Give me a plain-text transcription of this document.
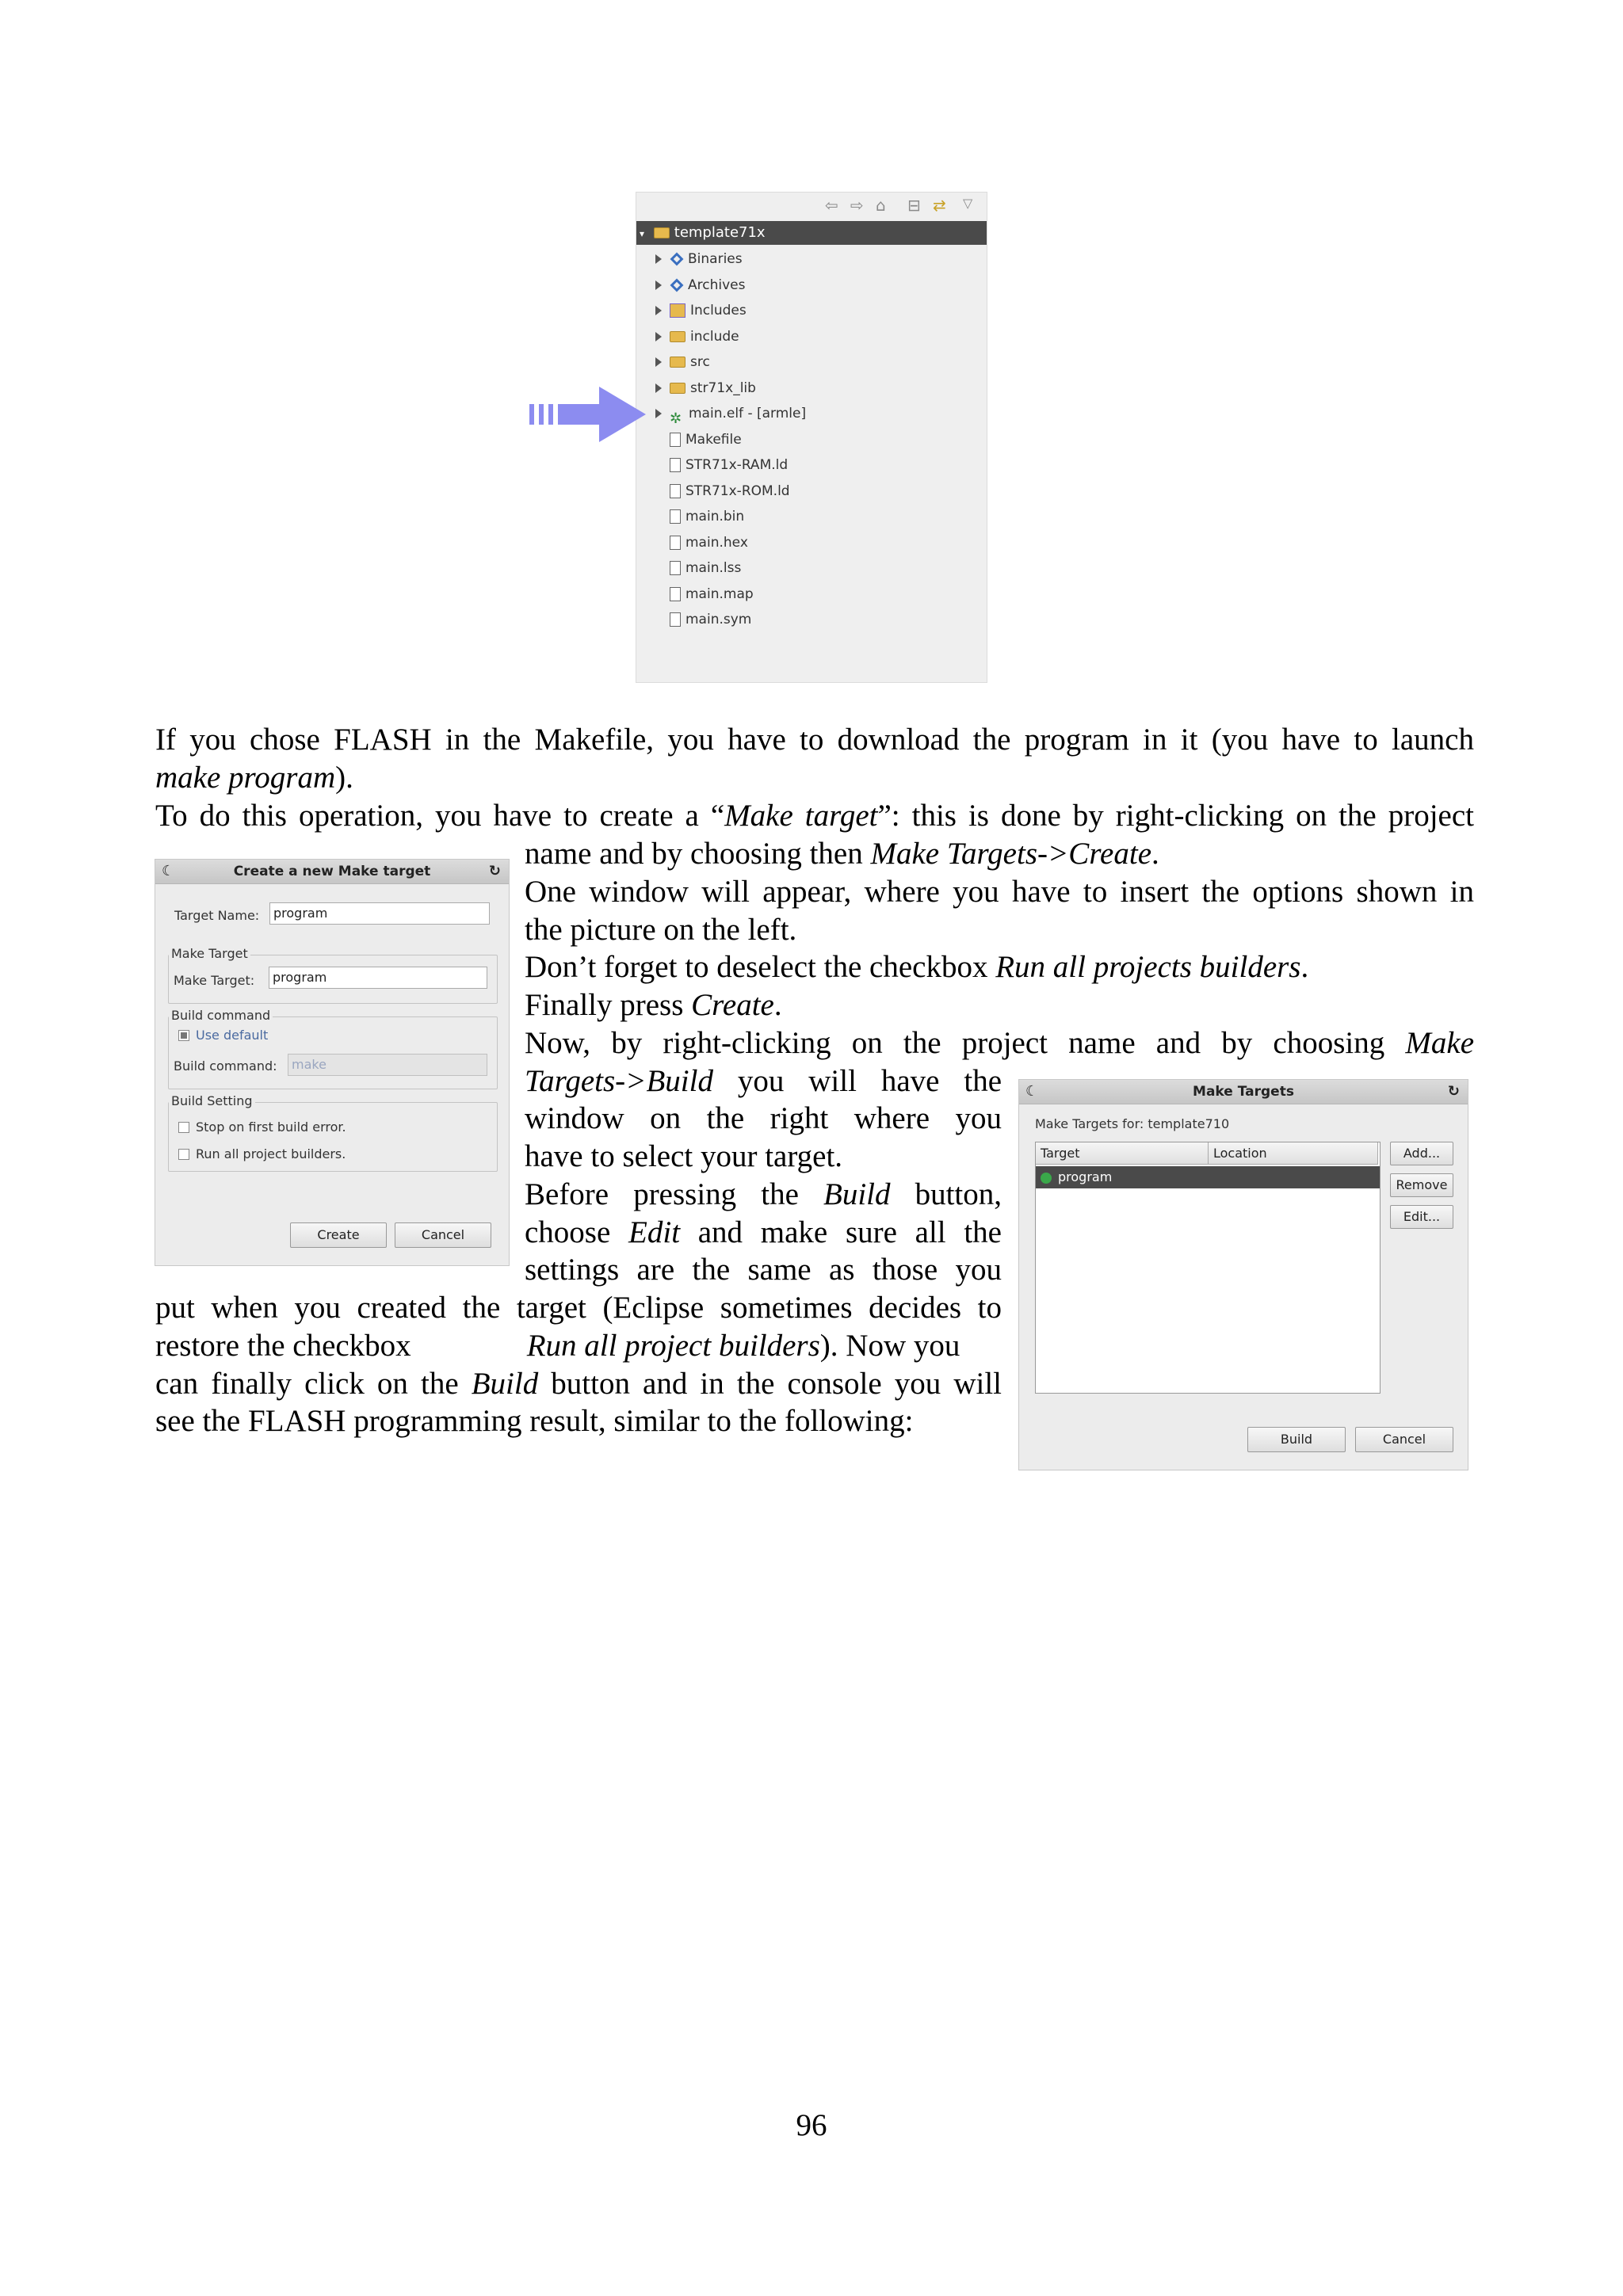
⇦ ⇨ ⌂ ⊟ ⇄ ▽
▾ template71x
Binaries
Archives
Includes
include
src
str71x_lib
✲ main.elf - [armle]
Makefile
STR71x-RAM.ld
STR71x-ROM.ld
main.bin
main.hex
main.lss
main.map
main.sym

If you chose FLASH in the Makefile, you have to download the program in it (you have to launch

make program).

To do this operation, you have to create a “Make target”: this is done by right-clicking on the project

name and by choosing then Make Targets->Create.

One window will appear, where you have to insert the options shown in

the picture on the left.

Don’t forget to deselect the checkbox Run all projects builders.

Finally press Create.

Now, by right-clicking on the project name and by choosing Make

Targets->Build you will have the

window on the right where you

have to select your target.

Before pressing the Build button,

choose Edit and make sure all the

settings are the same as those you

put when you created the target (Eclipse sometimes decides to

restore the checkbox	Run all project builders). Now you

can finally click on the Build button and in the console you will

see the FLASH programming result, similar to the following:

☾	Create a new Make target	↻
Target Name:	program
Make Target
Make Target:	program
Build command
Use default
Build command:	make
Build Setting
Stop on first build error.
Run all project builders.
Create	Cancel
☾	Make Targets	↻
Make Targets for: template710
Target	Location
program
Add...
Remove
Edit...
Build	Cancel
96
